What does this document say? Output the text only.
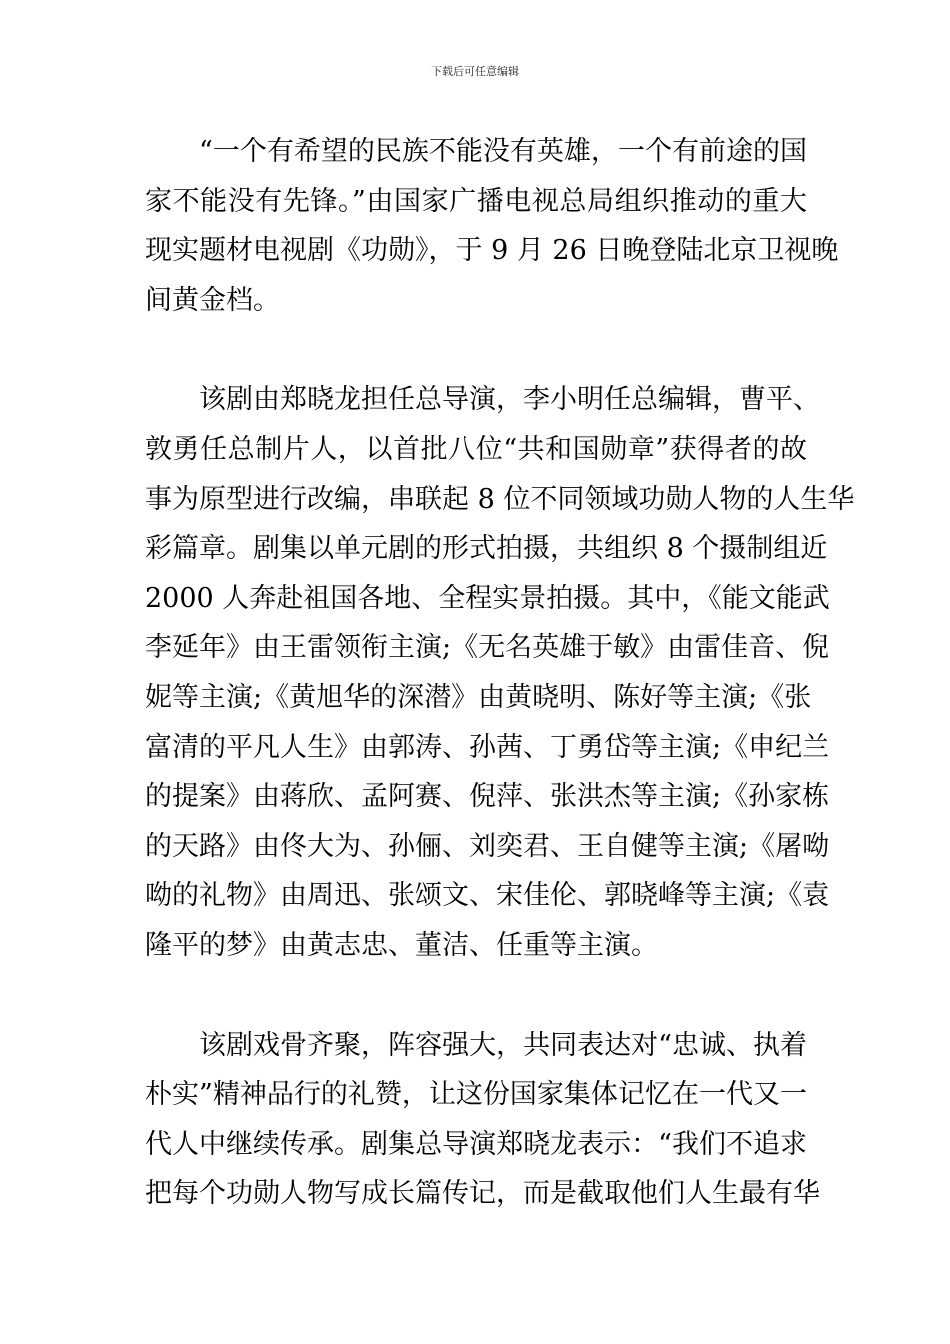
下载后可任意编辑

“一个有希望的民族不能没有英雄，一个有前途的国
家不能没有先锋。”由国家广播电视总局组织推动的重大
现实题材电视剧《功勋》，于 9 月 26 日晚登陆北京卫视晚
间黄金档。

该剧由郑晓龙担任总导演，李小明任总编辑，曹平、
敦勇任总制片人，以首批八位“共和国勋章”获得者的故
事为原型进行改编，串联起 8 位不同领域功勋人物的人生华
彩篇章。剧集以单元剧的形式拍摄，共组织 8 个摄制组近
2000 人奔赴祖国各地、全程实景拍摄。其中，《能文能武
李延年》由王雷领衔主演;《无名英雄于敏》由雷佳音、倪
妮等主演;《黄旭华的深潜》由黄晓明、陈好等主演;《张
富清的平凡人生》由郭涛、孙茜、丁勇岱等主演;《申纪兰
的提案》由蒋欣、孟阿赛、倪萍、张洪杰等主演;《孙家栋
的天路》由佟大为、孙俪、刘奕君、王自健等主演;《屠呦
呦的礼物》由周迅、张颂文、宋佳伦、郭晓峰等主演;《袁
隆平的梦》由黄志忠、董洁、任重等主演。

该剧戏骨齐聚，阵容强大，共同表达对“忠诚、执着
朴实”精神品行的礼赞，让这份国家集体记忆在一代又一
代人中继续传承。剧集总导演郑晓龙表示：“我们不追求
把每个功勋人物写成长篇传记，而是截取他们人生最有华
